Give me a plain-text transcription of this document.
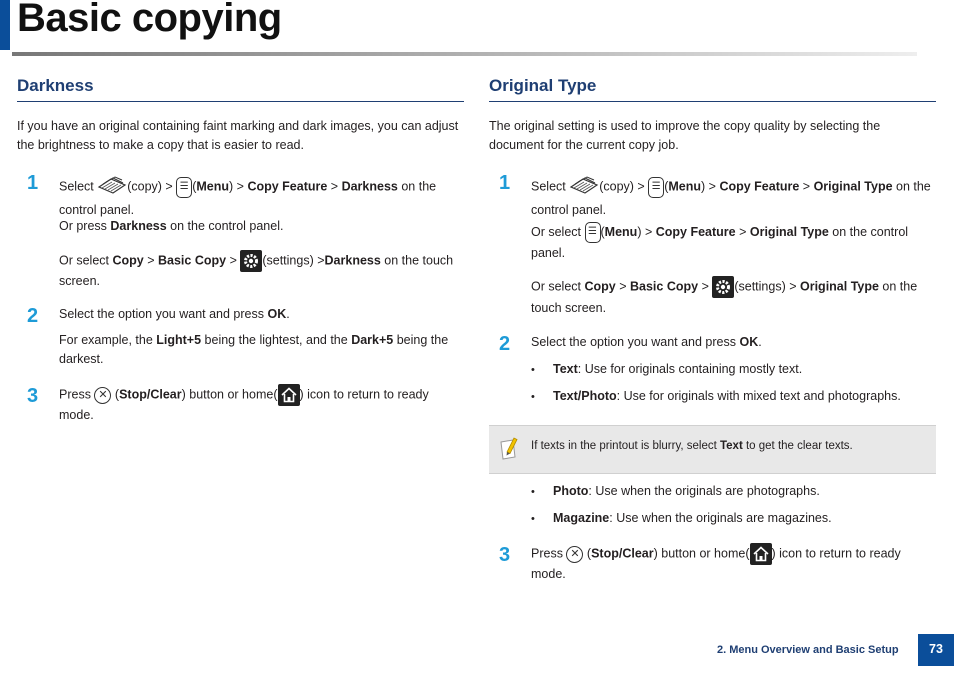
Basic copying
Darkness
If you have an original containing faint marking and dark images, you can adjust the brightness to make a copy that is easier to read.
1 Select (copy) > ☰ (Menu) > Copy Feature > Darkness on the control panel.
Or press Darkness on the control panel.
Or select Copy > Basic Copy > (settings) >Darkness on the touch screen.
2 Select the option you want and press OK.
For example, the Light+5 being the lightest, and the Dark+5 being the darkest.
3 Press ✕ (Stop/Clear) button or home( ) icon to return to ready mode.
Original Type
The original setting is used to improve the copy quality by selecting the document for the current copy job.
1 Select (copy) > ☰ (Menu) > Copy Feature > Original Type on the control panel.
Or select ☰ (Menu) > Copy Feature > Original Type on the control panel.
Or select Copy > Basic Copy > (settings) > Original Type on the touch screen.
2 Select the option you want and press OK.
• Text: Use for originals containing mostly text.
• Text/Photo: Use for originals with mixed text and photographs.
If texts in the printout is blurry, select Text to get the clear texts.
• Photo: Use when the originals are photographs.
• Magazine: Use when the originals are magazines.
3 Press ✕ (Stop/Clear) button or home( ) icon to return to ready mode.
2. Menu Overview and Basic Setup	73
